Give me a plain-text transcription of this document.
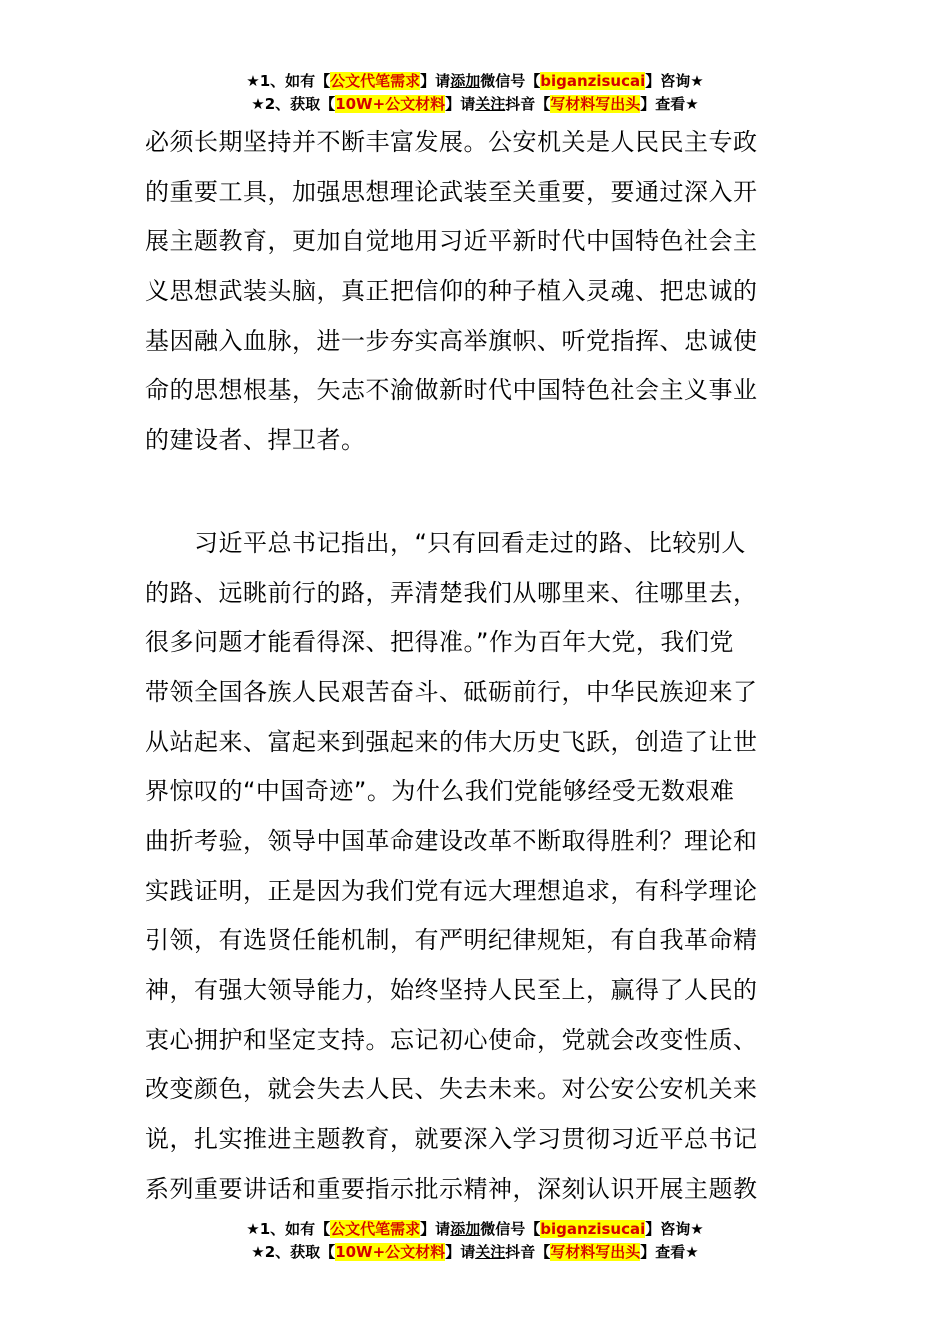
★1、如有【公文代笔需求】请添加微信号【biganzisucai】咨询★
★2、获取【10W+公文材料】请关注抖音【写材料写出头】查看★

必须长期坚持并不断丰富发展。公安机关是人民民主专政
的重要工具，加强思想理论武装至关重要，要通过深入开
展主题教育，更加自觉地用习近平新时代中国特色社会主
义思想武装头脑，真正把信仰的种子植入灵魂、把忠诚的
基因融入血脉，进一步夯实高举旗帜、听党指挥、忠诚使
命的思想根基，矢志不渝做新时代中国特色社会主义事业
的建设者、捍卫者。

　　习近平总书记指出，“只有回看走过的路、比较别人
的路、远眺前行的路，弄清楚我们从哪里来、往哪里去，
很多问题才能看得深、把得准。”作为百年大党，我们党
带领全国各族人民艰苦奋斗、砥砺前行，中华民族迎来了
从站起来、富起来到强起来的伟大历史飞跃，创造了让世
界惊叹的“中国奇迹”。为什么我们党能够经受无数艰难
曲折考验，领导中国革命建设改革不断取得胜利？理论和
实践证明，正是因为我们党有远大理想追求，有科学理论
引领，有选贤任能机制，有严明纪律规矩，有自我革命精
神，有强大领导能力，始终坚持人民至上，赢得了人民的
衷心拥护和坚定支持。忘记初心使命，党就会改变性质、
改变颜色，就会失去人民、失去未来。对公安公安机关来
说，扎实推进主题教育，就要深入学习贯彻习近平总书记
系列重要讲话和重要指示批示精神，深刻认识开展主题教

★1、如有【公文代笔需求】请添加微信号【biganzisucai】咨询★
★2、获取【10W+公文材料】请关注抖音【写材料写出头】查看★
